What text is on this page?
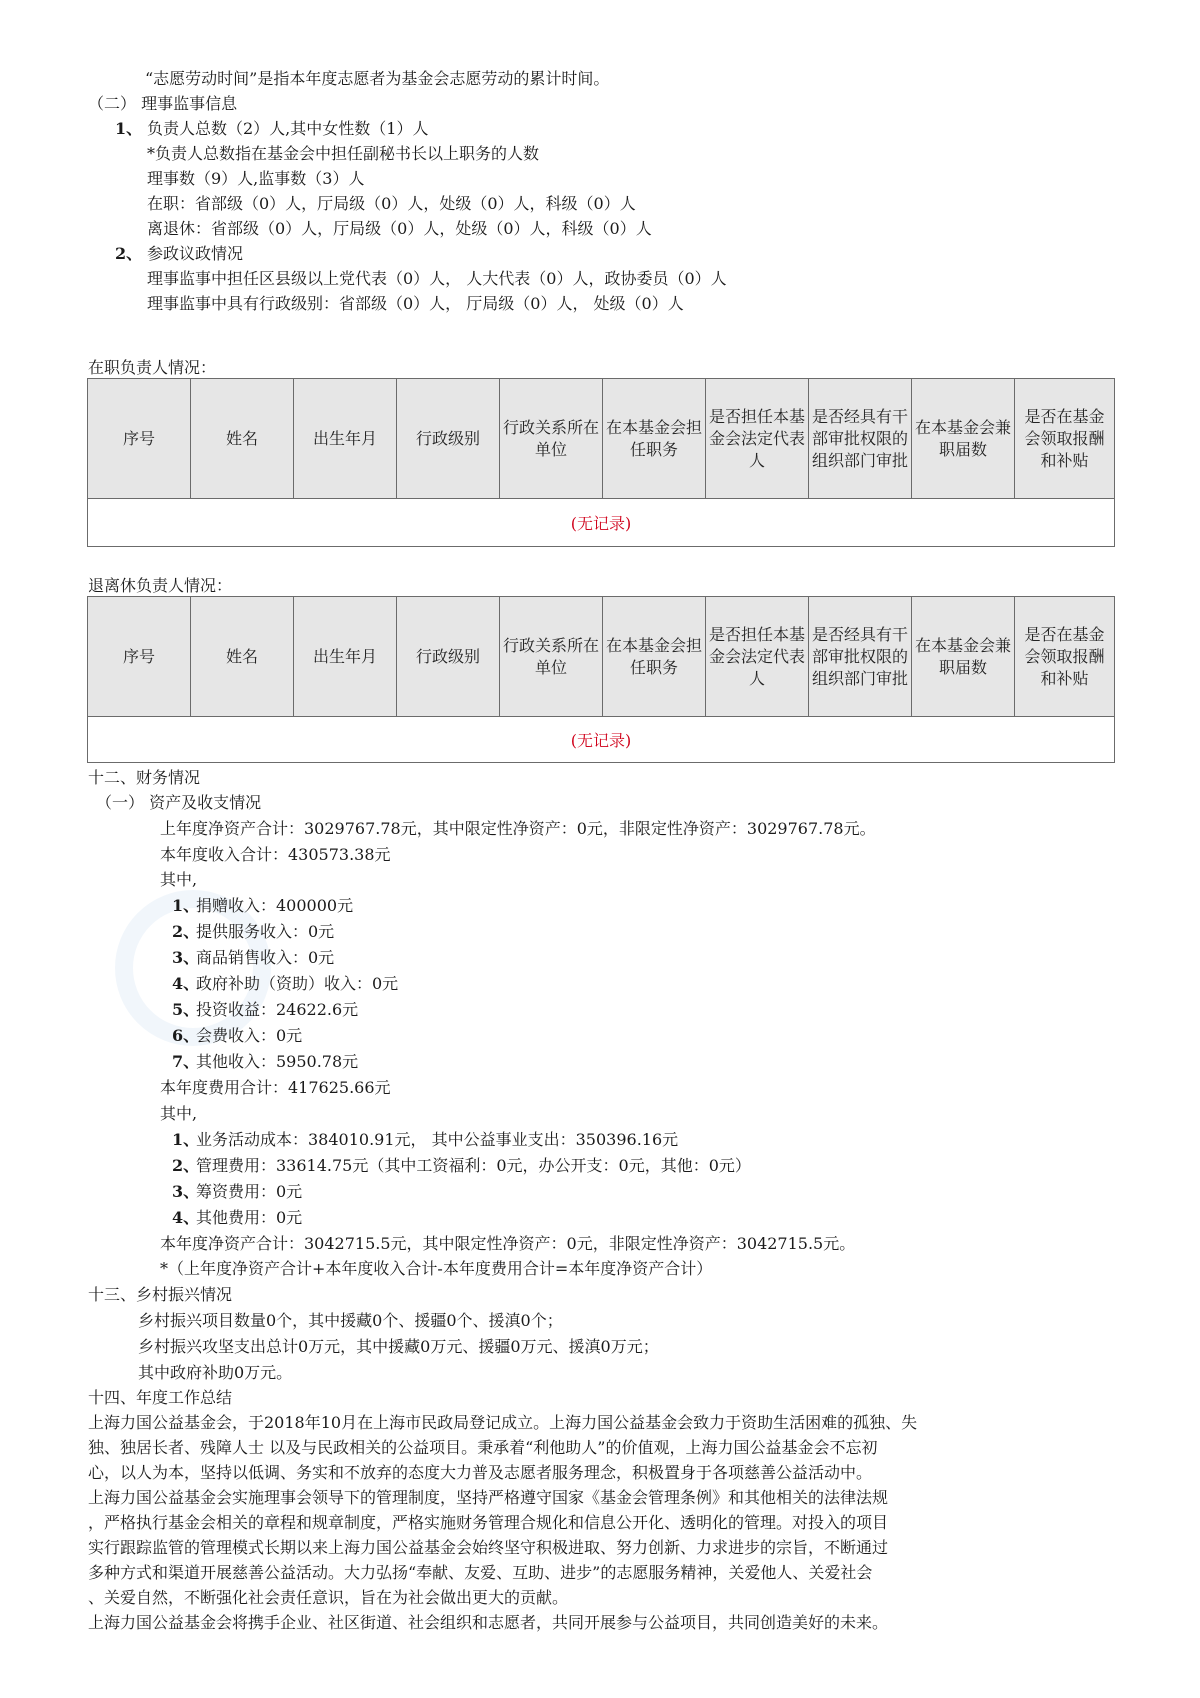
“志愿劳动时间”是指本年度志愿者为基金会志愿劳动的累计时间。
（二） 理事监事信息
1、 负责人总数（2）人,其中女性数（1）人
*负责人总数指在基金会中担任副秘书长以上职务的人数
理事数（9）人,监事数（3）人
在职：省部级（0）人，厅局级（0）人，处级（0）人，科级（0）人
离退休：省部级（0）人，厅局级（0）人，处级（0）人，科级（0）人
2、 参政议政情况
理事监事中担任区县级以上党代表（0）人， 人大代表（0）人，政协委员（0）人
理事监事中具有行政级别：省部级（0）人， 厅局级（0）人， 处级（0）人
在职负责人情况：
序号	姓名	出生年月	行政级别	行政关系所在单位	在本基金会担任职务	是否担任本基金会法定代表人	是否经具有干部审批权限的组织部门审批	在本基金会兼职届数	是否在基金会领取报酬和补贴
(无记录)
退离休负责人情况：
序号	姓名	出生年月	行政级别	行政关系所在单位	在本基金会担任职务	是否担任本基金会法定代表人	是否经具有干部审批权限的组织部门审批	在本基金会兼职届数	是否在基金会领取报酬和补贴
(无记录)
十二、财务情况
（一） 资产及收支情况
上年度净资产合计：3029767.78元，其中限定性净资产：0元，非限定性净资产：3029767.78元。
本年度收入合计：430573.38元
其中,
1、
捐赠收入：400000元
2、
提供服务收入：0元
3、
商品销售收入：0元
4、
政府补助（资助）收入：0元
5、
投资收益：24622.6元
6、
会费收入：0元
7、
其他收入：5950.78元
本年度费用合计：417625.66元
其中,
1、
业务活动成本：384010.91元， 其中公益事业支出：350396.16元
2、
管理费用：33614.75元（其中工资福利：0元，办公开支：0元，其他：0元）
3、
筹资费用：0元
4、
其他费用：0元
本年度净资产合计：3042715.5元，其中限定性净资产：0元，非限定性净资产：3042715.5元。
*（上年度净资产合计+本年度收入合计-本年度费用合计=本年度净资产合计）
十三、乡村振兴情况
乡村振兴项目数量0个，其中援藏0个、援疆0个、援滇0个；
乡村振兴攻坚支出总计0万元，其中援藏0万元、援疆0万元、援滇0万元；
其中政府补助0万元。
十四、年度工作总结
上海力国公益基金会，于2018年10月在上海市民政局登记成立。上海力国公益基金会致力于资助生活困难的孤独、失
独、独居长者、残障人士 以及与民政相关的公益项目。秉承着“利他助人”的价值观，上海力国公益基金会不忘初
心，以人为本，坚持以低调、务实和不放弃的态度大力普及志愿者服务理念，积极置身于各项慈善公益活动中。
上海力国公益基金会实施理事会领导下的管理制度，坚持严格遵守国家《基金会管理条例》和其他相关的法律法规
，严格执行基金会相关的章程和规章制度，严格实施财务管理合规化和信息公开化、透明化的管理。对投入的项目
实行跟踪监管的管理模式长期以来上海力国公益基金会始终坚守积极进取、努力创新、力求进步的宗旨，不断通过
多种方式和渠道开展慈善公益活动。大力弘扬“奉献、友爱、互助、进步”的志愿服务精神，关爱他人、关爱社会
、关爱自然，不断强化社会责任意识，旨在为社会做出更大的贡献。
上海力国公益基金会将携手企业、社区街道、社会组织和志愿者，共同开展参与公益项目，共同创造美好的未来。
